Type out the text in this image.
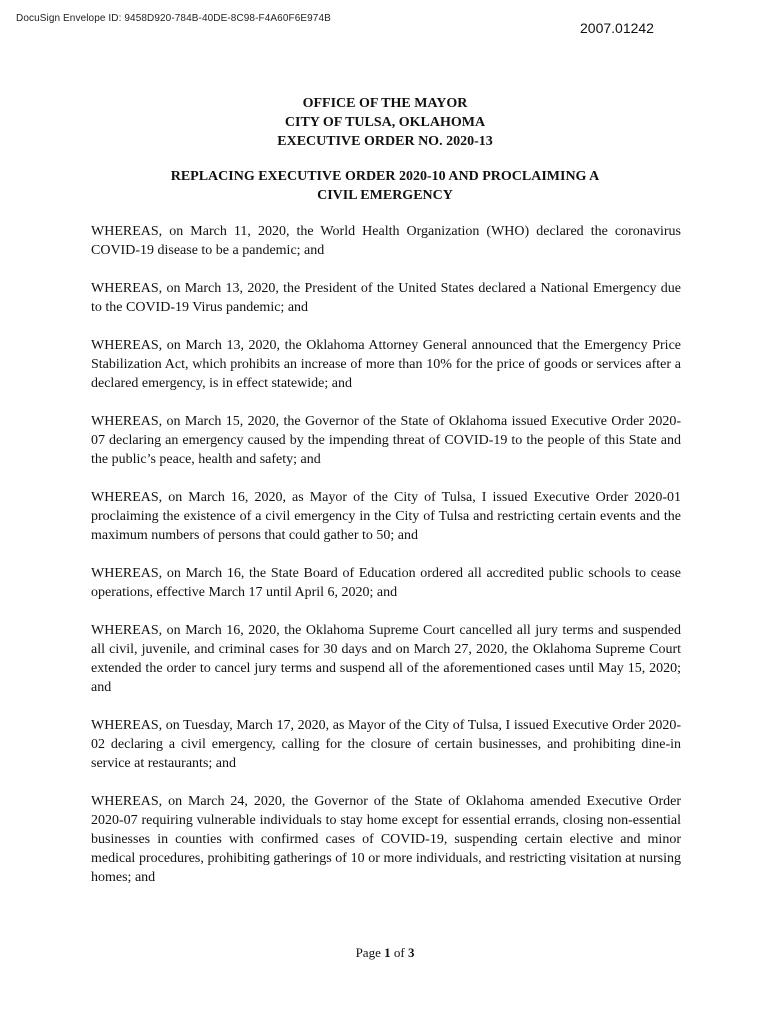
DocuSign Envelope ID: 9458D920-784B-40DE-8C98-F4A60F6E974B
2007.01242
OFFICE OF THE MAYOR
CITY OF TULSA, OKLAHOMA
EXECUTIVE ORDER NO. 2020-13
REPLACING EXECUTIVE ORDER 2020-10 AND PROCLAIMING A
CIVIL EMERGENCY

WHEREAS, on March 11, 2020, the World Health Organization (WHO) declared the coronavirus COVID-19 disease to be a pandemic; and

WHEREAS, on March 13, 2020, the President of the United States declared a National Emergency due to the COVID-19 Virus pandemic; and

WHEREAS, on March 13, 2020, the Oklahoma Attorney General announced that the Emergency Price Stabilization Act, which prohibits an increase of more than 10% for the price of goods or services after a declared emergency, is in effect statewide; and

WHEREAS, on March 15, 2020, the Governor of the State of Oklahoma issued Executive Order 2020-07 declaring an emergency caused by the impending threat of COVID-19 to the people of this State and the public’s peace, health and safety; and

WHEREAS, on March 16, 2020, as Mayor of the City of Tulsa, I issued Executive Order 2020-01 proclaiming the existence of a civil emergency in the City of Tulsa and restricting certain events and the maximum numbers of persons that could gather to 50; and

WHEREAS, on March 16, the State Board of Education ordered all accredited public schools to cease operations, effective March 17 until April 6, 2020; and

WHEREAS, on March 16, 2020, the Oklahoma Supreme Court cancelled all jury terms and suspended all civil, juvenile, and criminal cases for 30 days and on March 27, 2020, the Oklahoma Supreme Court extended the order to cancel jury terms and suspend all of the aforementioned cases until May 15, 2020; and

WHEREAS, on Tuesday, March 17, 2020, as Mayor of the City of Tulsa, I issued Executive Order 2020-02 declaring a civil emergency, calling for the closure of certain businesses, and prohibiting dine-in service at restaurants; and

WHEREAS, on March 24, 2020, the Governor of the State of Oklahoma amended Executive Order 2020-07 requiring vulnerable individuals to stay home except for essential errands, closing non-essential businesses in counties with confirmed cases of COVID-19, suspending certain elective and minor medical procedures, prohibiting gatherings of 10 or more individuals, and restricting visitation at nursing homes; and

Page 1 of 3
